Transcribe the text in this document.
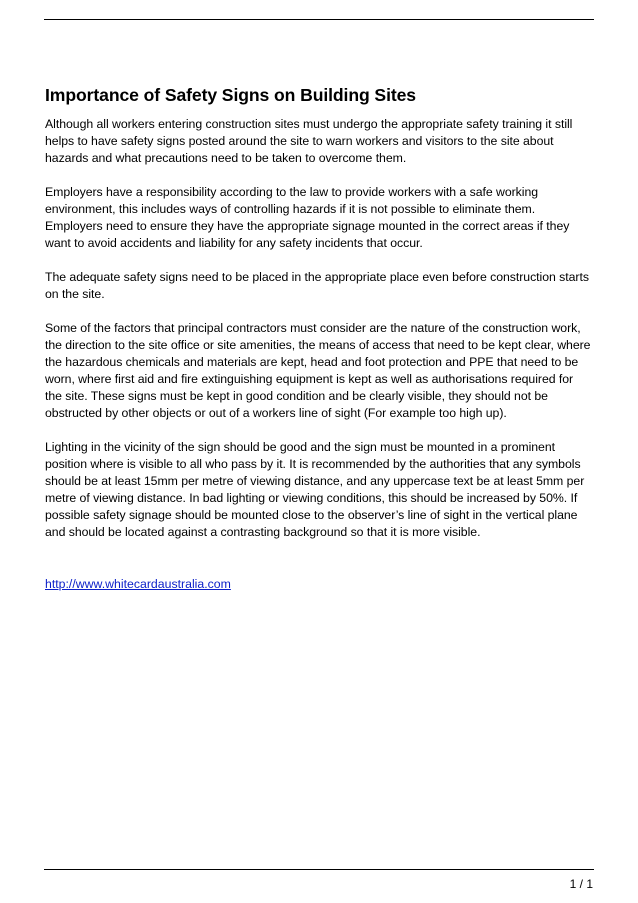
Importance of Safety Signs on Building Sites

Although all workers entering construction sites must undergo the appropriate safety training it still helps to have safety signs posted around the site to warn workers and visitors to the site about hazards and what precautions need to be taken to overcome them.

Employers have a responsibility according to the law to provide workers with a safe working environment, this includes ways of controlling hazards if it is not possible to eliminate them. Employers need to ensure they have the appropriate signage mounted in the correct areas if they want to avoid accidents and liability for any safety incidents that occur.

The adequate safety signs need to be placed in the appropriate place even before construction starts on the site.

Some of the factors that principal contractors must consider are the nature of the construction work, the direction to the site office or site amenities, the means of access that need to be kept clear, where the hazardous chemicals and materials are kept, head and foot protection and PPE that need to be worn, where first aid and fire extinguishing equipment is kept as well as authorisations required for the site. These signs must be kept in good condition and be clearly visible, they should not be obstructed by other objects or out of a workers line of sight (For example too high up).

Lighting in the vicinity of the sign should be good and the sign must be mounted in a prominent position where is visible to all who pass by it. It is recommended by the authorities that any symbols should be at least 15mm per metre of viewing distance, and any uppercase text be at least 5mm per metre of viewing distance. In bad lighting or viewing conditions, this should be increased by 50%. If possible safety signage should be mounted close to the observer’s line of sight in the vertical plane and should be located against a contrasting background so that it is more visible.

http://www.whitecardaustralia.com
1 / 1
